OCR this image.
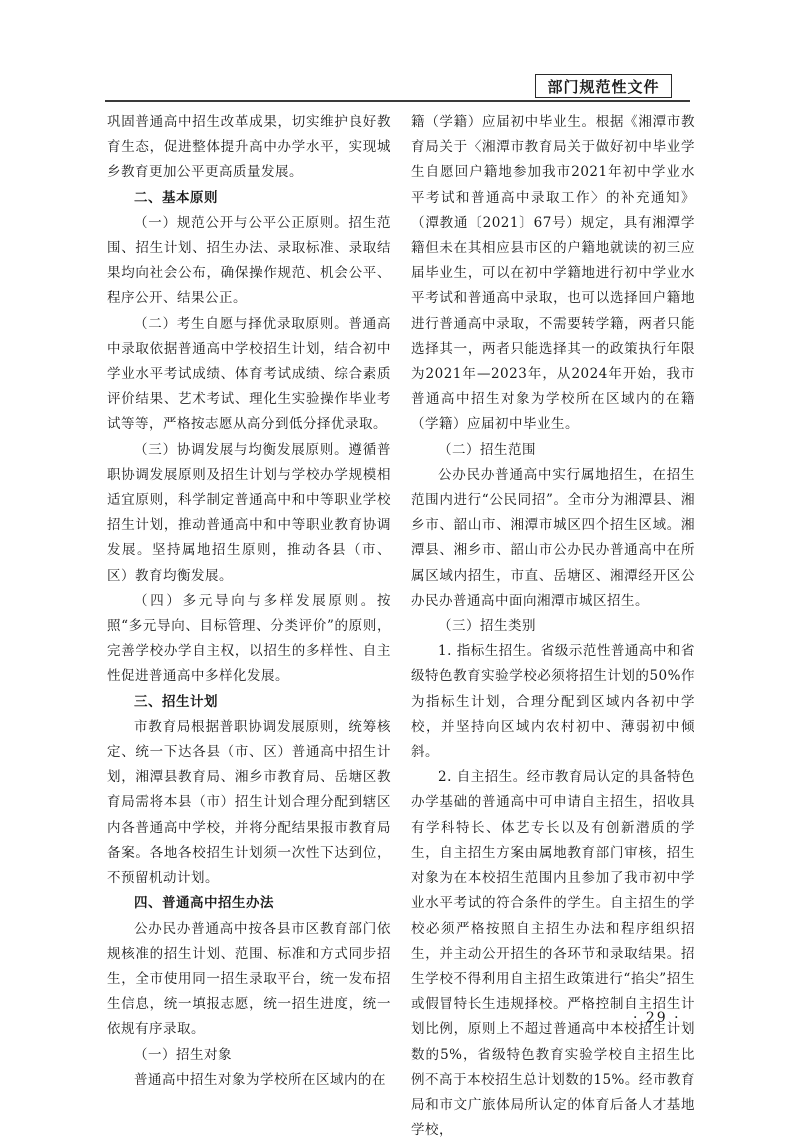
部门规范性文件

巩固普通高中招生改革成果，切实维护良好教育生态，促进整体提升高中办学水平，实现城乡教育更加公平更高质量发展。

二、基本原则

（一）规范公开与公平公正原则。招生范围、招生计划、招生办法、录取标准、录取结果均向社会公布，确保操作规范、机会公平、程序公开、结果公正。

（二）考生自愿与择优录取原则。普通高中录取依据普通高中学校招生计划，结合初中学业水平考试成绩、体育考试成绩、综合素质评价结果、艺术考试、理化生实验操作毕业考试等等，严格按志愿从高分到低分择优录取。

（三）协调发展与均衡发展原则。遵循普职协调发展原则及招生计划与学校办学规模相适宜原则，科学制定普通高中和中等职业学校招生计划，推动普通高中和中等职业教育协调发展。坚持属地招生原则，推动各县（市、区）教育均衡发展。

（四）多元导向与多样发展原则。按照“多元导向、目标管理、分类评价”的原则，完善学校办学自主权，以招生的多样性、自主性促进普通高中多样化发展。

三、招生计划

市教育局根据普职协调发展原则，统筹核定、统一下达各县（市、区）普通高中招生计划，湘潭县教育局、湘乡市教育局、岳塘区教育局需将本县（市）招生计划合理分配到辖区内各普通高中学校，并将分配结果报市教育局备案。各地各校招生计划须一次性下达到位，不预留机动计划。

四、普通高中招生办法

公办民办普通高中按各县市区教育部门依规核准的招生计划、范围、标准和方式同步招生，全市使用同一招生录取平台，统一发布招生信息，统一填报志愿，统一招生进度，统一依规有序录取。

（一）招生对象

普通高中招生对象为学校所在区域内的在

籍（学籍）应届初中毕业生。根据《湘潭市教育局关于〈湘潭市教育局关于做好初中毕业学生自愿回户籍地参加我市2021年初中学业水平考试和普通高中录取工作〉的补充通知》（潭教通〔2021〕67号）规定，具有湘潭学籍但未在其相应县市区的户籍地就读的初三应届毕业生，可以在初中学籍地进行初中学业水平考试和普通高中录取，也可以选择回户籍地进行普通高中录取，不需要转学籍，两者只能选择其一，两者只能选择其一的政策执行年限为2021年—2023年，从2024年开始，我市普通高中招生对象为学校所在区域内的在籍（学籍）应届初中毕业生。

（二）招生范围

公办民办普通高中实行属地招生，在招生范围内进行“公民同招”。全市分为湘潭县、湘乡市、韶山市、湘潭市城区四个招生区域。湘潭县、湘乡市、韶山市公办民办普通高中在所属区域内招生，市直、岳塘区、湘潭经开区公办民办普通高中面向湘潭市城区招生。

（三）招生类别

1. 指标生招生。省级示范性普通高中和省级特色教育实验学校必须将招生计划的50%作为指标生计划，合理分配到区域内各初中学校，并坚持向区域内农村初中、薄弱初中倾斜。

2. 自主招生。经市教育局认定的具备特色办学基础的普通高中可申请自主招生，招收具有学科特长、体艺专长以及有创新潜质的学生，自主招生方案由属地教育部门审核，招生对象为在本校招生范围内且参加了我市初中学业水平考试的符合条件的学生。自主招生的学校必须严格按照自主招生办法和程序组织招生，并主动公开招生的各环节和录取结果。招生学校不得利用自主招生政策进行“掐尖”招生或假冒特长生违规择校。严格控制自主招生计划比例，原则上不超过普通高中本校招生计划数的5%，省级特色教育实验学校自主招生比例不高于本校招生总计划数的15%。经市教育局和市文广旅体局所认定的体育后备人才基地学校，

· 29 ·
